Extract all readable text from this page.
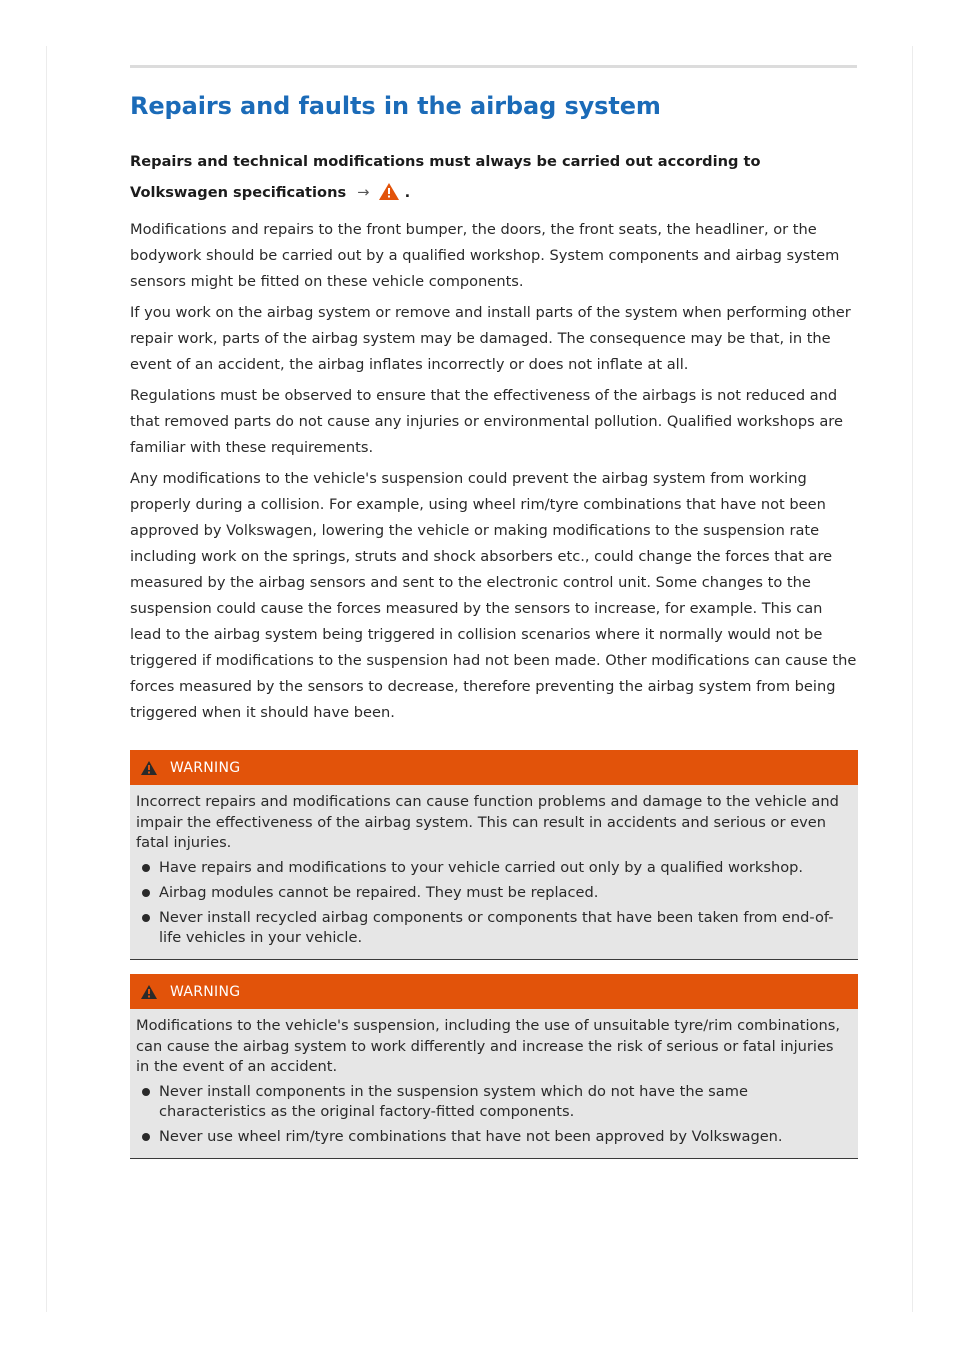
Repairs and faults in the airbag system
Repairs and technical modifications must always be carried out according to Volkswagen specifications → .

Modifications and repairs to the front bumper, the doors, the front seats, the headliner, or the bodywork should be carried out by a qualified workshop. System components and airbag system sensors might be fitted on these vehicle components.

If you work on the airbag system or remove and install parts of the system when performing other repair work, parts of the airbag system may be damaged. The consequence may be that, in the event of an accident, the airbag inflates incorrectly or does not inflate at all.

Regulations must be observed to ensure that the effectiveness of the airbags is not reduced and that removed parts do not cause any injuries or environmental pollution. Qualified workshops are familiar with these requirements.

Any modifications to the vehicle's suspension could prevent the airbag system from working properly during a collision. For example, using wheel rim/tyre combinations that have not been approved by Volkswagen, lowering the vehicle or making modifications to the suspension rate including work on the springs, struts and shock absorbers etc., could change the forces that are measured by the airbag sensors and sent to the electronic control unit. Some changes to the suspension could cause the forces measured by the sensors to increase, for example. This can lead to the airbag system being triggered in collision scenarios where it normally would not be triggered if modifications to the suspension had not been made. Other modifications can cause the forces measured by the sensors to decrease, therefore preventing the airbag system from being triggered when it should have been.

WARNING
Incorrect repairs and modifications can cause function problems and damage to the vehicle and impair the effectiveness of the airbag system. This can result in accidents and serious or even fatal injuries.
Have repairs and modifications to your vehicle carried out only by a qualified workshop.
Airbag modules cannot be repaired. They must be replaced.
Never install recycled airbag components or components that have been taken from end-of-life vehicles in your vehicle.
WARNING
Modifications to the vehicle's suspension, including the use of unsuitable tyre/rim combinations, can cause the airbag system to work differently and increase the risk of serious or fatal injuries in the event of an accident.
Never install components in the suspension system which do not have the same characteristics as the original factory-fitted components.
Never use wheel rim/tyre combinations that have not been approved by Volkswagen.
